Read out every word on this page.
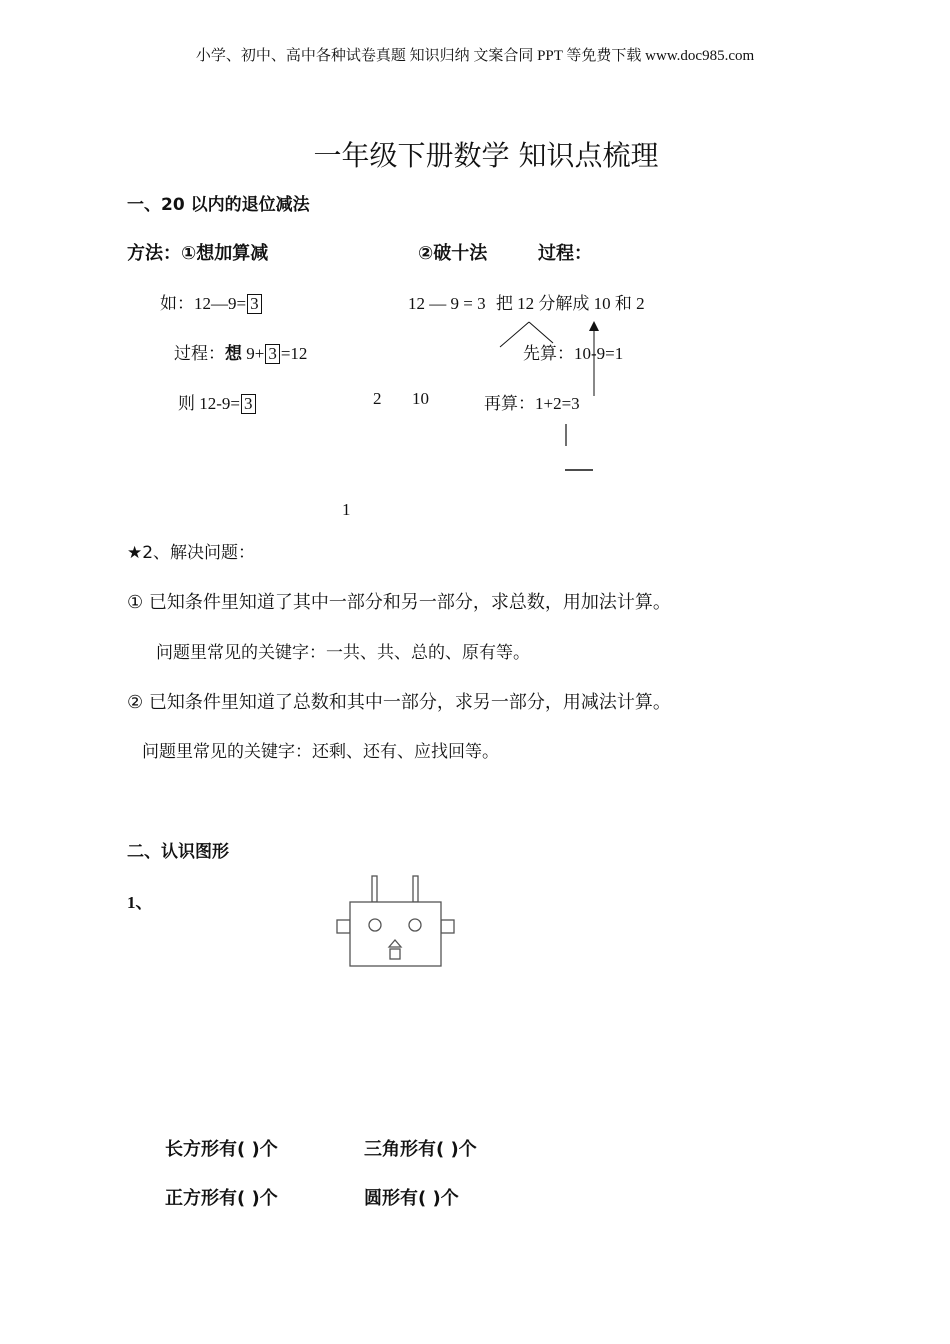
小学、初中、高中各种试卷真题 知识归纳 文案合同 PPT 等免费下载 www.doc985.com
一年级下册数学 知识点梳理
一、20 以内的退位减法
方法：①想加算减	②破十法	过程：
如：12—9= 3
过程：想 9+ 3 =12
则 12-9= 3
12 — 9 = 3 把 12 分解成 10 和 2
先算：10-9=1
2 10	再算：1+2=3
1
★2、解决问题：
① 已知条件里知道了其中一部分和另一部分，求总数，用加法计算。
问题里常见的关键字：一共、共、总的、原有等。
② 已知条件里知道了总数和其中一部分，求另一部分，用减法计算。
问题里常见的关键字：还剩、还有、应找回等。
二、认识图形
1、
长方形有( )个	三角形有( )个
正方形有( )个	圆形有( )个
